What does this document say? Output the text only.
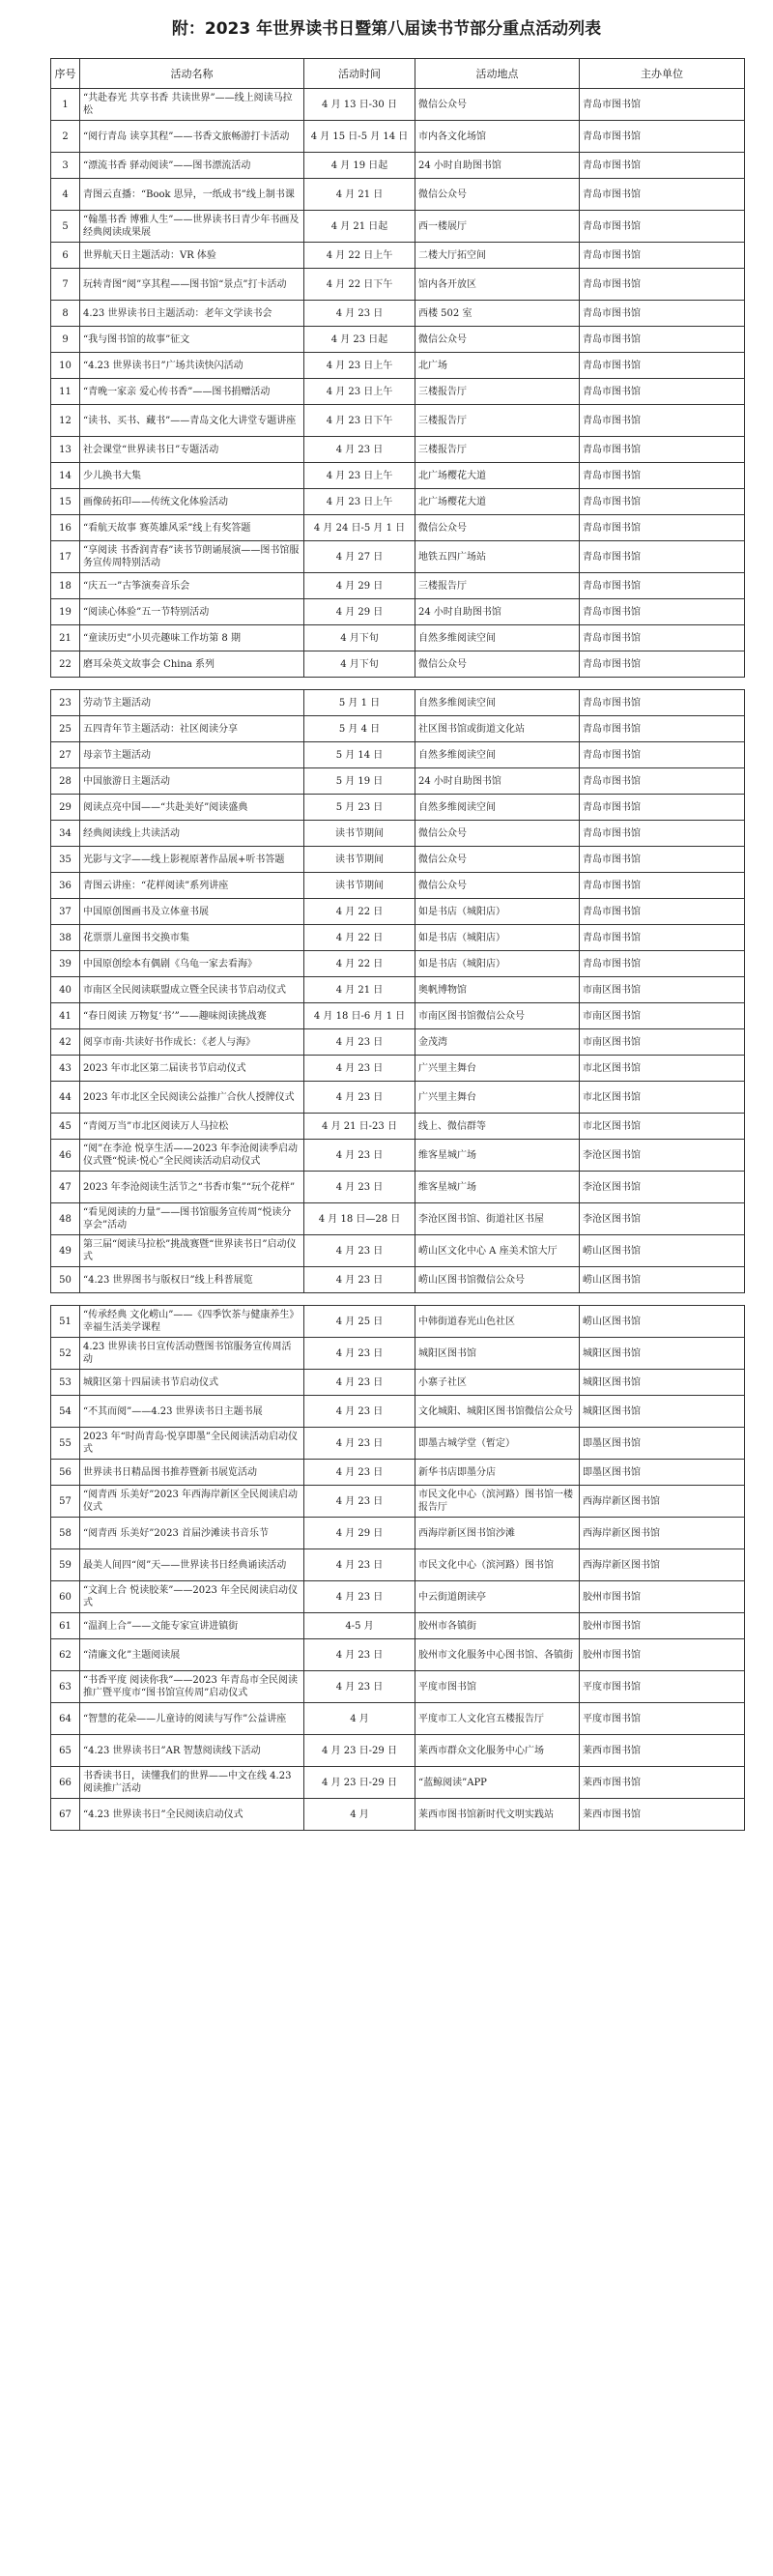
附：2023 年世界读书日暨第八届读书节部分重点活动列表
序号	活动名称	活动时间	活动地点	主办单位
1	“共赴春光 共享书香 共读世界”——线上阅读马拉松	4 月 13 日-30 日	微信公众号	青岛市图书馆
2	“阅行青岛 读享其程”——书香文旅畅游打卡活动	4 月 15 日-5 月 14 日	市内各文化场馆	青岛市图书馆
3	“漂流书香 驿动阅读”——图书漂流活动	4 月 19 日起	24 小时自助图书馆	青岛市图书馆
4	青图云直播：“Book 思异，一纸成书”线上制书课	4 月 21 日	微信公众号	青岛市图书馆
5	“翰墨书香 博雅人生”——世界读书日青少年书画及经典阅读成果展	4 月 21 日起	西一楼展厅	青岛市图书馆
6	世界航天日主题活动：VR 体验	4 月 22 日上午	二楼大厅拓空间	青岛市图书馆
7	玩转青图“阅”享其程——图书馆“景点”打卡活动	4 月 22 日下午	馆内各开放区	青岛市图书馆
8	4.23 世界读书日主题活动：老年文学读书会	4 月 23 日	西楼 502 室	青岛市图书馆
9	“我与图书馆的故事”征文	4 月 23 日起	微信公众号	青岛市图书馆
10	“4.23 世界读书日”广场共读快闪活动	4 月 23 日上午	北广场	青岛市图书馆
11	“青晚一家亲 爱心传书香”——图书捐赠活动	4 月 23 日上午	三楼报告厅	青岛市图书馆
12	“读书、买书、藏书”——青岛文化大讲堂专题讲座	4 月 23 日下午	三楼报告厅	青岛市图书馆
13	社会课堂“世界读书日”专题活动	4 月 23 日	三楼报告厅	青岛市图书馆
14	少儿换书大集	4 月 23 日上午	北广场樱花大道	青岛市图书馆
15	画像砖拓印——传统文化体验活动	4 月 23 日上午	北广场樱花大道	青岛市图书馆
16	“看航天故事 赛英雄风采”线上有奖答题	4 月 24 日-5 月 1 日	微信公众号	青岛市图书馆
17	“享阅读 书香润青春”读书节朗诵展演——图书馆服务宣传周特别活动	4 月 27 日	地铁五四广场站	青岛市图书馆
18	“庆五一”古筝演奏音乐会	4 月 29 日	三楼报告厅	青岛市图书馆
19	“阅读心体验”五一节特别活动	4 月 29 日	24 小时自助图书馆	青岛市图书馆
21	“童读历史”小贝壳趣味工作坊第 8 期	4 月下旬	自然多维阅读空间	青岛市图书馆
22	磨耳朵英文故事会 China 系列	4 月下旬	微信公众号	青岛市图书馆
23	劳动节主题活动	5 月 1 日	自然多维阅读空间	青岛市图书馆
25	五四青年节主题活动：社区阅读分享	5 月 4 日	社区图书馆或街道文化站	青岛市图书馆
27	母亲节主题活动	5 月 14 日	自然多维阅读空间	青岛市图书馆
28	中国旅游日主题活动	5 月 19 日	24 小时自助图书馆	青岛市图书馆
29	阅读点亮中国——“共赴美好”阅读盛典	5 月 23 日	自然多维阅读空间	青岛市图书馆
34	经典阅读线上共读活动	读书节期间	微信公众号	青岛市图书馆
35	光影与文字——线上影视原著作品展+听书答题	读书节期间	微信公众号	青岛市图书馆
36	青图云讲座：“花样阅读”系列讲座	读书节期间	微信公众号	青岛市图书馆
37	中国原创图画书及立体童书展	4 月 22 日	如是书店（城阳店）	青岛市图书馆
38	花票票儿童图书交换市集	4 月 22 日	如是书店（城阳店）	青岛市图书馆
39	中国原创绘本有偶剧《乌龟一家去看海》	4 月 22 日	如是书店（城阳店）	青岛市图书馆
40	市南区全民阅读联盟成立暨全民读书节启动仪式	4 月 21 日	奥帆博物馆	市南区图书馆
41	“春日阅读 万物复‘书’”——趣味阅读挑战赛	4 月 18 日-6 月 1 日	市南区图书馆微信公众号	市南区图书馆
42	阅享市南·共读好书作成长：《老人与海》	4 月 23 日	金茂湾	市南区图书馆
43	2023 年市北区第二届读书节启动仪式	4 月 23 日	广兴里主舞台	市北区图书馆
44	2023 年市北区全民阅读公益推广合伙人授牌仪式	4 月 23 日	广兴里主舞台	市北区图书馆
45	“青阅万当”市北区阅读万人马拉松	4 月 21 日-23 日	线上、微信群等	市北区图书馆
46	“阅”在李沧 悦享生活——2023 年李沧阅读季启动仪式暨“悦读·悦心”全民阅读活动启动仪式	4 月 23 日	维客星城广场	李沧区图书馆
47	2023 年李沧阅读生活节之“书香市集”“玩个花样”	4 月 23 日	维客星城广场	李沧区图书馆
48	“看见阅读的力量”——图书馆服务宣传周“悦读分享会”活动	4 月 18 日—28 日	李沧区图书馆、街道社区书屋	李沧区图书馆
49	第三届“阅读马拉松”挑战赛暨“世界读书日”启动仪式	4 月 23 日	崂山区文化中心 A 座美术馆大厅	崂山区图书馆
50	“4.23 世界图书与版权日”线上科普展览	4 月 23 日	崂山区图书馆微信公众号	崂山区图书馆
51	“传承经典 文化崂山”——《四季饮茶与健康养生》幸福生活美学课程	4 月 25 日	中韩街道春光山色社区	崂山区图书馆
52	4.23 世界读书日宣传活动暨图书馆服务宣传周活动	4 月 23 日	城阳区图书馆	城阳区图书馆
53	城阳区第十四届读书节启动仪式	4 月 23 日	小寨子社区	城阳区图书馆
54	“不其而阅”——4.23 世界读书日主题书展	4 月 23 日	文化城阳、城阳区图书馆微信公众号	城阳区图书馆
55	2023 年“时尚青岛·悦享即墨”全民阅读活动启动仪式	4 月 23 日	即墨古城学堂（暂定）	即墨区图书馆
56	世界读书日精品图书推荐暨新书展览活动	4 月 23 日	新华书店即墨分店	即墨区图书馆
57	“阅青西 乐美好”2023 年西海岸新区全民阅读启动仪式	4 月 23 日	市民文化中心（滨河路）图书馆一楼报告厅	西海岸新区图书馆
58	“阅青西 乐美好”2023 首届沙滩读书音乐节	4 月 29 日	西海岸新区图书馆沙滩	西海岸新区图书馆
59	最美人间四“阅”天——世界读书日经典诵读活动	4 月 23 日	市民文化中心（滨河路）图书馆	西海岸新区图书馆
60	“文润上合 悦读胶莱”——2023 年全民阅读启动仪式	4 月 23 日	中云街道朗读亭	胶州市图书馆
61	“温润上合”——文能专家宣讲进镇街	4-5 月	胶州市各镇街	胶州市图书馆
62	“清廉文化”主题阅读展	4 月 23 日	胶州市文化服务中心图书馆、各镇街	胶州市图书馆
63	“书香平度 阅读你我”——2023 年青岛市全民阅读推广暨平度市“图书馆宣传周”启动仪式	4 月 23 日	平度市图书馆	平度市图书馆
64	“智慧的花朵——儿童诗的阅读与写作”公益讲座	4 月	平度市工人文化宫五楼报告厅	平度市图书馆
65	“4.23 世界读书日”AR 智慧阅读线下活动	4 月 23 日-29 日	莱西市群众文化服务中心广场	莱西市图书馆
66	书香读书日，读懂我们的世界——中文在线 4.23 阅读推广活动	4 月 23 日-29 日	“蓝鲸阅读”APP	莱西市图书馆
67	“4.23 世界读书日”全民阅读启动仪式	4 月	莱西市图书馆新时代文明实践站	莱西市图书馆
